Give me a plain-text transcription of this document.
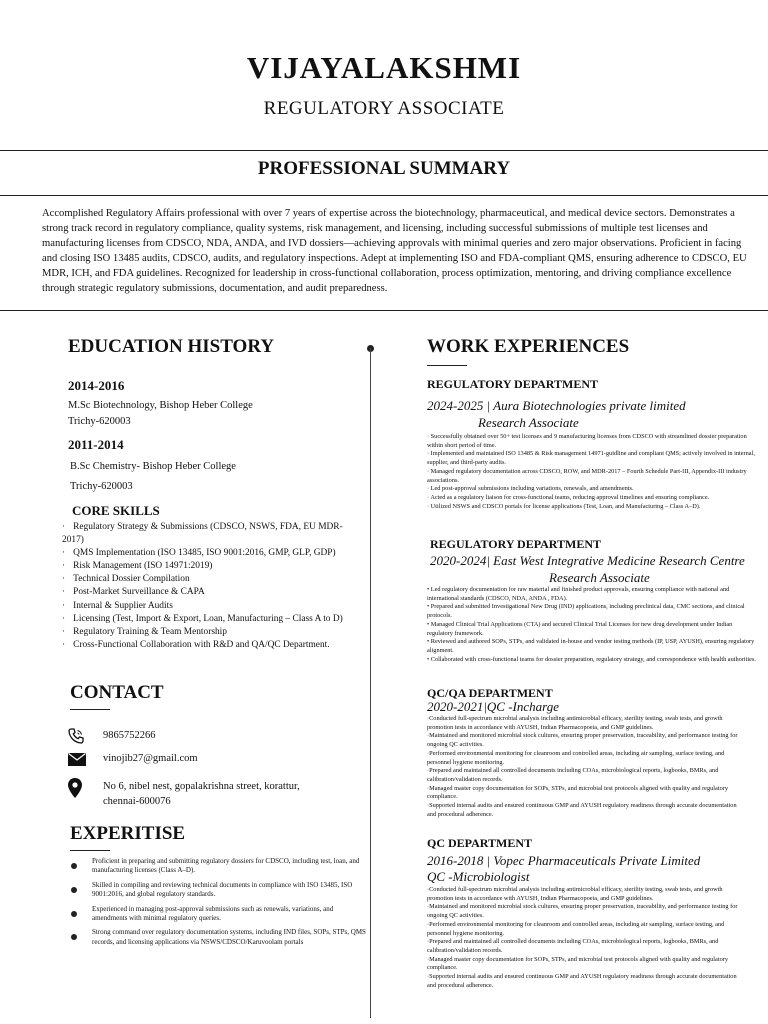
VIJAYALAKSHMI
REGULATORY ASSOCIATE
PROFESSIONAL SUMMARY
Accomplished Regulatory Affairs professional with over 7 years of expertise across the biotechnology, pharmaceutical, and medical device sectors. Demonstrates a strong track record in regulatory compliance, quality systems, risk management, and licensing, including successful submissions of multiple test licenses and manufacturing licenses from CDSCO, NDA, ANDA, and IVD dossiers—achieving approvals with minimal queries and zero major observations. Proficient in facing and closing ISO 13485 audits, CDSCO, audits, and regulatory inspections. Adept at implementing ISO and FDA-compliant QMS, ensuring adherence to CDSCO, EU MDR, ICH, and FDA guidelines. Recognized for leadership in cross-functional collaboration, process optimization, mentoring, and driving compliance excellence through strategic regulatory submissions, documentation, and audit preparedness.
EDUCATION HISTORY
2014-2016
M.Sc Biotechnology, Bishop Heber College
Trichy-620003
2011-2014
B.Sc Chemistry- Bishop Heber College
Trichy-620003
CORE SKILLS
· Regulatory Strategy & Submissions (CDSCO, NSWS, FDA, EU MDR-2017)
· QMS Implementation (ISO 13485, ISO 9001:2016, GMP, GLP, GDP)
· Risk Management (ISO 14971:2019)
· Technical Dossier Compilation
· Post-Market Surveillance & CAPA
· Internal & Supplier Audits
· Licensing (Test, Import & Export, Loan, Manufacturing – Class A to D)
· Regulatory Training & Team Mentorship
· Cross-Functional Collaboration with R&D and QA/QC Department.
CONTACT
9865752266
vinojib27@gmail.com
No 6, nibel nest, gopalakrishna street, korattur,
chennai-600076
EXPERITISE
Proficient in preparing and submitting regulatory dossiers for CDSCO, including test, loan, and manufacturing licenses (Class A–D).
Skilled in compiling and reviewing technical documents in compliance with ISO 13485, ISO 9001:2016, and global regulatory standards.
Experienced in managing post-approval submissions such as renewals, variations, and amendments with minimal regulatory queries.
Strong command over regulatory documentation systems, including IND files, SOPs, STPs, QMS records, and licensing applications via NSWS/CDSCO/Karuvoolam portals
WORK EXPERIENCES
REGULATORY DEPARTMENT
2024-2025 | Aura Biotechnologies private limited
Research Associate
· Successfully obtained over 50+ test licenses and 9 manufacturing licenses from CDSCO with streamlined dossier preparation within short period of time.
· Implemented and maintained ISO 13485 & Risk management 14971-guidline and compliant QMS; actively involved in internal, supplier, and third-party audits.
· Managed regulatory documentation across CDSCO, ROW, and MDR-2017 – Fourth Schedule Part-III, Appendix-III industry associations.
· Led post-approval submissions including variations, renewals, and amendments.
· Acted as a regulatory liaison for cross-functional teams, reducing approval timelines and ensuring compliance.
· Utilized NSWS and CDSCO portals for license applications (Test, Loan, and Manufacturing – Class A–D).
REGULATORY DEPARTMENT
2020-2024| East West Integrative Medicine Research Centre
Research Associate
• Led regulatory documentation for raw material and finished product approvals, ensuring compliance with national and international standards (CDSCO, NDA, ANDA , FDA).
• Prepared and submitted Investigational New Drug (IND) applications, including preclinical data, CMC sections, and clinical protocols.
• Managed Clinical Trial Applications (CTA) and secured Clinical Trial Licenses for new drug development under Indian regulatory framework.
• Reviewed and authored SOPs, STPs, and validated in-house and vendor testing methods (IP, USP, AYUSH), ensuring regulatory alignment.
• Collaborated with cross-functional teams for dossier preparation, regulatory strategy, and correspondence with health authorities.
QC/QA DEPARTMENT
2020-2021|QC -Incharge
·Conducted full-spectrum microbial analysis including antimicrobial efficacy, sterility testing, swab tests, and growth promotion tests in accordance with AYUSH, Indian Pharmacopoeia, and GMP guidelines.
·Maintained and monitored microbial stock cultures, ensuring proper preservation, traceability, and performance testing for ongoing QC activities.
·Performed environmental monitoring for cleanroom and controlled areas, including air sampling, surface testing, and personnel hygiene monitoring.
·Prepared and maintained all controlled documents including COAs, microbiological reports, logbooks, BMRs, and calibration/validation records.
·Managed master copy documentation for SOPs, STPs, and microbial test protocols aligned with quality and regulatory compliance.
·Supported internal audits and ensured continuous GMP and AYUSH regulatory readiness through accurate documentation and procedural adherence.
QC DEPARTMENT
2016-2018 | Vopec Pharmaceuticals Private Limited
QC -Microbiologist
·Conducted full-spectrum microbial analysis including antimicrobial efficacy, sterility testing, swab tests, and growth promotion tests in accordance with AYUSH, Indian Pharmacopoeia, and GMP guidelines.
·Maintained and monitored microbial stock cultures, ensuring proper preservation, traceability, and performance testing for ongoing QC activities.
·Performed environmental monitoring for cleanroom and controlled areas, including air sampling, surface testing, and personnel hygiene monitoring.
·Prepared and maintained all controlled documents including COAs, microbiological reports, logbooks, BMRs, and calibration/validation records.
·Managed master copy documentation for SOPs, STPs, and microbial test protocols aligned with quality and regulatory compliance.
·Supported internal audits and ensured continuous GMP and AYUSH regulatory readiness through accurate documentation and procedural adherence.
